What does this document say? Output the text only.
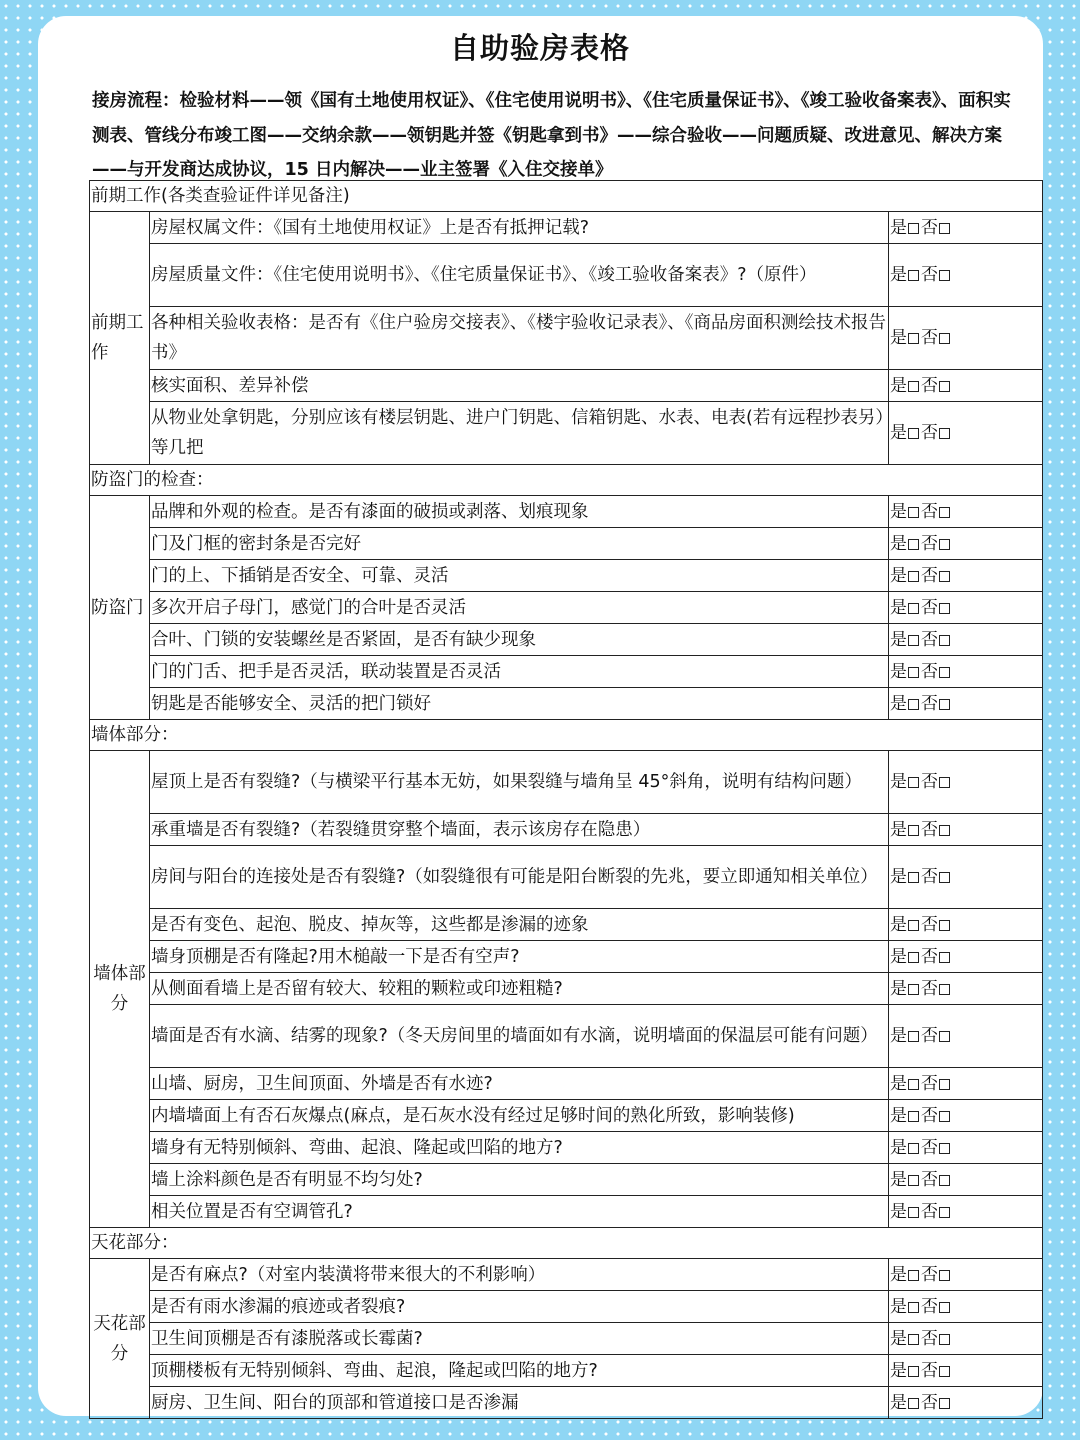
自助验房表格
接房流程：检验材料——领《国有土地使用权证》、《住宅使用说明书》、《住宅质量保证书》、《竣工验收备案表》、面积实测表、管线分布竣工图——交纳余款——领钥匙并签《钥匙拿到书》——综合验收——问题质疑、改进意见、解决方案——与开发商达成协议，15 日内解决——业主签署《入住交接单》
前期工作(各类查验证件详见备注)		
前期工作	房屋权属文件：《国有土地使用权证》上是否有抵押记载?	是 否
	房屋质量文件：《住宅使用说明书》、《住宅质量保证书》、《竣工验收备案表》?（原件）	是 否
	各种相关验收表格：是否有《住户验房交接表》、《楼宇验收记录表》、《商品房面积测绘技术报告书》	是 否
	核实面积、差异补偿	是 否
	从物业处拿钥匙，分别应该有楼层钥匙、进户门钥匙、信箱钥匙、水表、电表(若有远程抄表另）等几把	是 否
防盗门的检查：		
防盗门	品牌和外观的检查。是否有漆面的破损或剥落、划痕现象	是 否
	门及门框的密封条是否完好	是 否
	门的上、下插销是否安全、可靠、灵活	是 否
	多次开启子母门，感觉门的合叶是否灵活	是 否
	合叶、门锁的安装螺丝是否紧固，是否有缺少现象	是 否
	门的门舌、把手是否灵活，联动装置是否灵活	是 否
	钥匙是否能够安全、灵活的把门锁好	是 否
墙体部分：		
墙体部分	屋顶上是否有裂缝?（与横梁平行基本无妨，如果裂缝与墙角呈 45°斜角，说明有结构问题）	是 否
	承重墙是否有裂缝?（若裂缝贯穿整个墙面，表示该房存在隐患）	是 否
	房间与阳台的连接处是否有裂缝?（如裂缝很有可能是阳台断裂的先兆，要立即通知相关单位）	是 否
	是否有变色、起泡、脱皮、掉灰等，这些都是渗漏的迹象	是 否
	墙身顶棚是否有隆起?用木槌敲一下是否有空声?	是 否
	从侧面看墙上是否留有较大、较粗的颗粒或印迹粗糙?	是 否
	墙面是否有水滴、结雾的现象?（冬天房间里的墙面如有水滴，说明墙面的保温层可能有问题）	是 否
	山墙、厨房，卫生间顶面、外墙是否有水迹?	是 否
	内墙墙面上有否石灰爆点(麻点，是石灰水没有经过足够时间的熟化所致，影响装修)	是 否
	墙身有无特别倾斜、弯曲、起浪、隆起或凹陷的地方?	是 否
	墙上涂料颜色是否有明显不均匀处?	是 否
	相关位置是否有空调管孔?	是 否
天花部分：		
天花部分	是否有麻点?（对室内装潢将带来很大的不利影响）	是 否
	是否有雨水渗漏的痕迹或者裂痕?	是 否
	卫生间顶棚是否有漆脱落或长霉菌?	是 否
	顶棚楼板有无特别倾斜、弯曲、起浪，隆起或凹陷的地方?	是 否
	厨房、卫生间、阳台的顶部和管道接口是否渗漏	是 否
